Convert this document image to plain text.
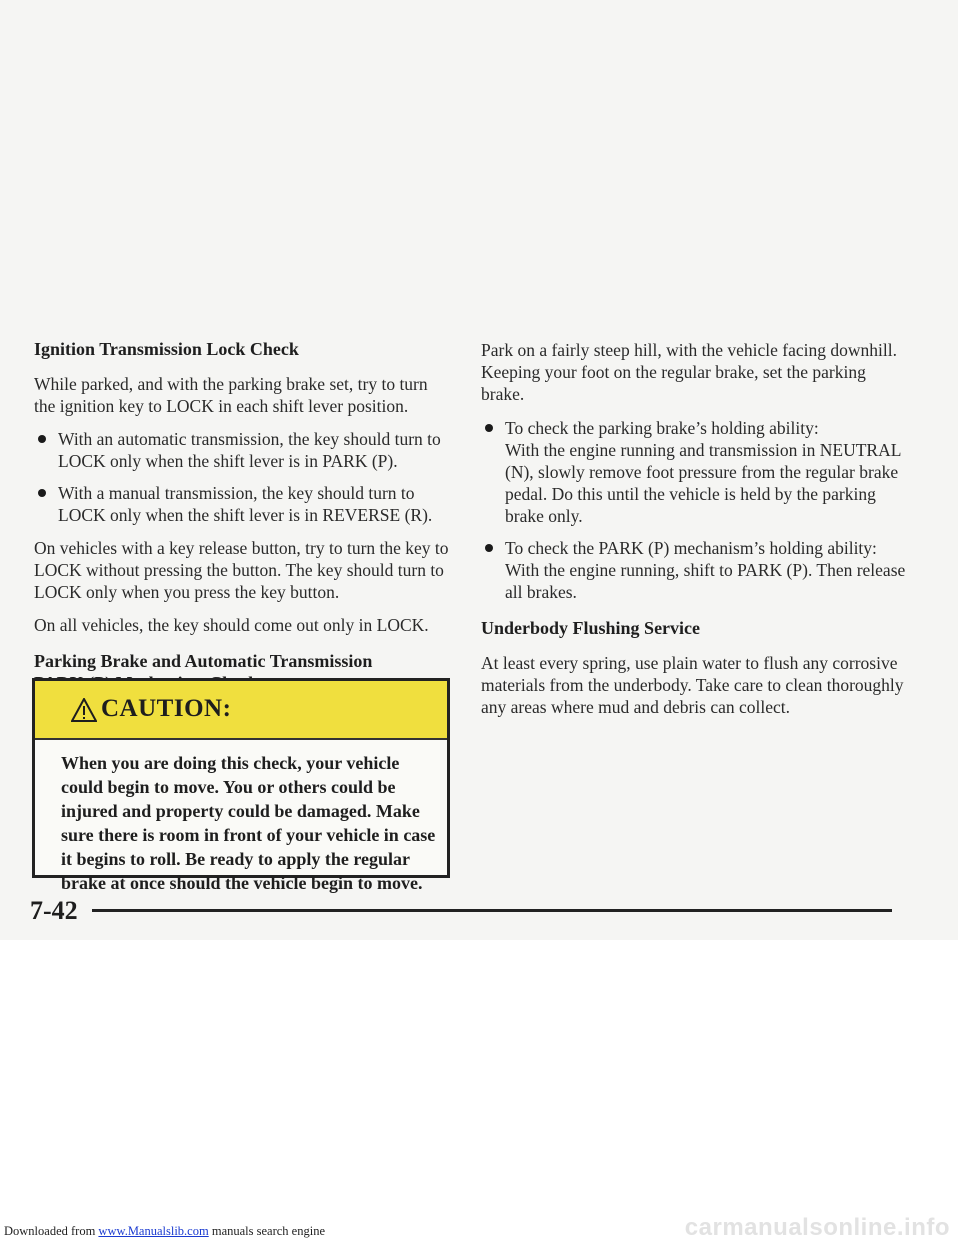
Ignition Transmission Lock Check
While parked, and with the parking brake set, try to turn the ignition key to LOCK in each shift lever position.
With an automatic transmission, the key should turn to LOCK only when the shift lever is in PARK (P).
With a manual transmission, the key should turn to LOCK only when the shift lever is in REVERSE (R).
On vehicles with a key release button, try to turn the key to LOCK without pressing the button. The key should turn to LOCK only when you press the key button.
On all vehicles, the key should come out only in LOCK.
Parking Brake and Automatic Transmission
CAUTION:
When you are doing this check, your vehicle could begin to move. You or others could be injured and property could be damaged. Make sure there is room in front of your vehicle in case it begins to roll. Be ready to apply the regular brake at once should the vehicle begin to move.
Park on a fairly steep hill, with the vehicle facing downhill. Keeping your foot on the regular brake, set the parking brake.
To check the parking brake’s holding ability:
With the engine running and transmission in NEUTRAL (N), slowly remove foot pressure from the regular brake pedal. Do this until the vehicle is held by the parking brake only.
To check the PARK (P) mechanism’s holding ability:
With the engine running, shift to PARK (P). Then release all brakes.
Underbody Flushing Service
At least every spring, use plain water to flush any corrosive materials from the underbody. Take care to clean thoroughly any areas where mud and debris can collect.
7-42
Downloaded from www.Manualslib.com manuals search engine	carmanualsonline.info
